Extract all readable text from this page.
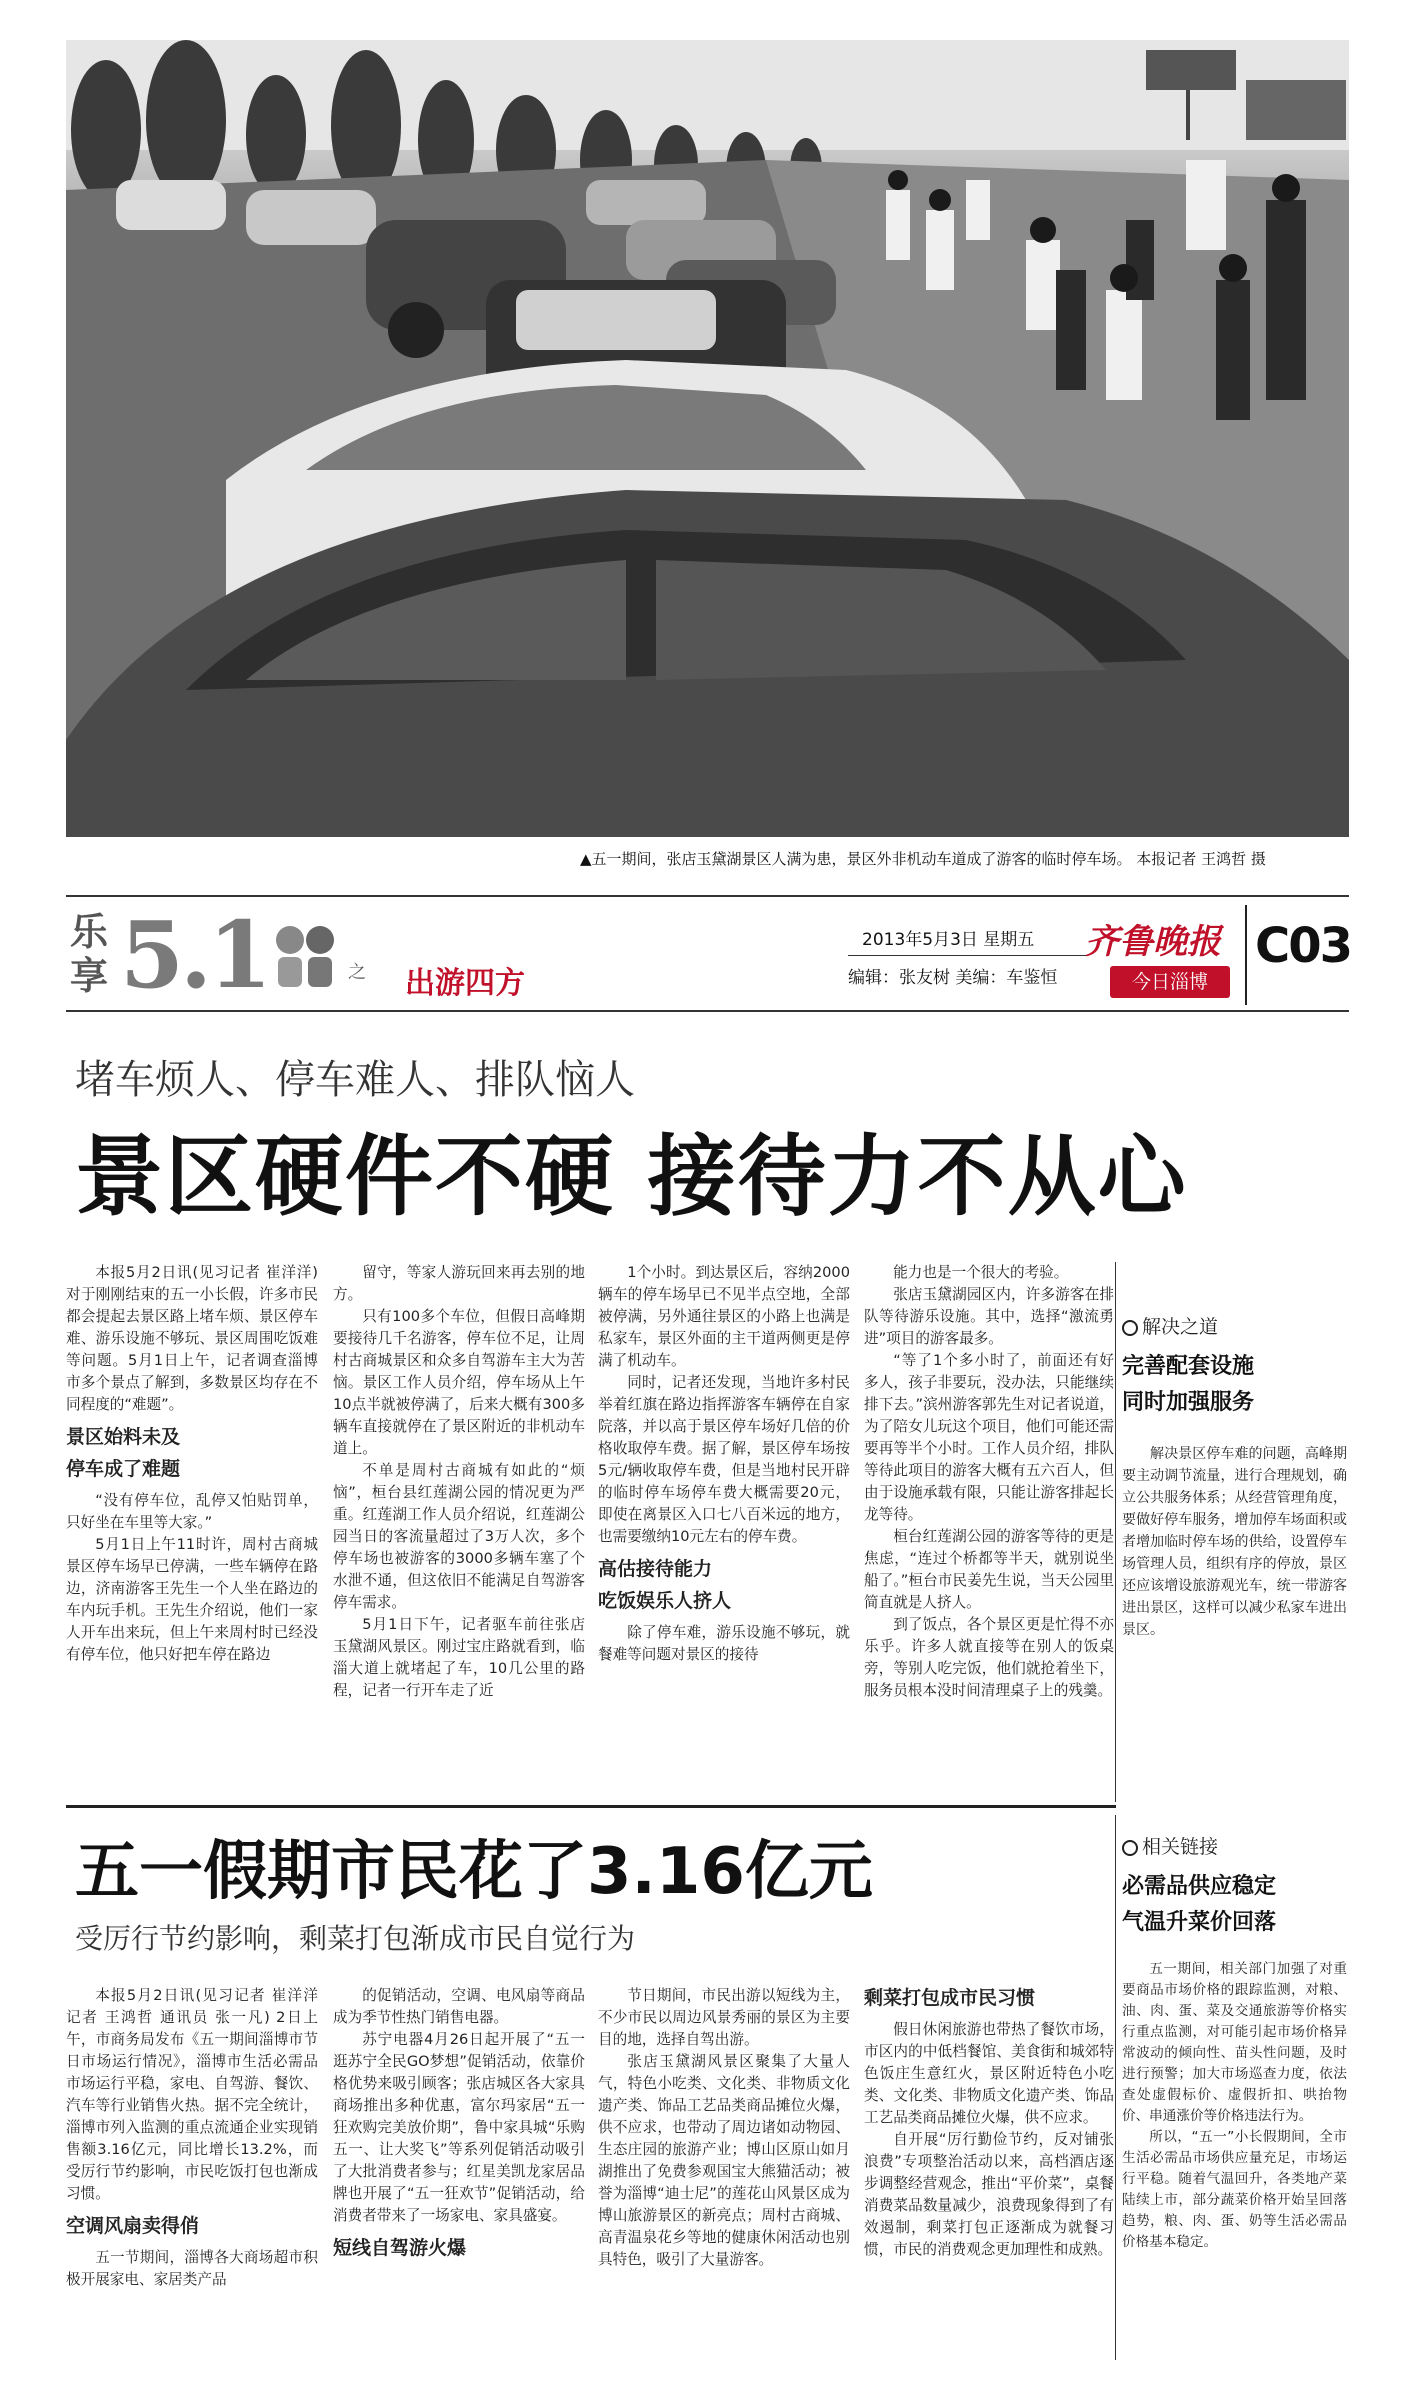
▲五一期间，张店玉黛湖景区人满为患，景区外非机动车道成了游客的临时停车场。 本报记者 王鸿哲 摄
乐享 5.1	之 出游四方
2013年5月3日 星期五
编辑：张友树 美编：车鉴恒
齐鲁晚报
今日淄博
C03
堵车烦人、停车难人、排队恼人
景区硬件不硬 接待力不从心

本报5月2日讯(见习记者 崔洋洋) 对于刚刚结束的五一小长假，许多市民都会提起去景区路上堵车烦、景区停车难、游乐设施不够玩、景区周围吃饭难等问题。5月1日上午，记者调查淄博市多个景点了解到，多数景区均存在不同程度的“难题”。

景区始料未及
停车成了难题

“没有停车位，乱停又怕贴罚单，只好坐在车里等大家。”

5月1日上午11时许，周村古商城景区停车场早已停满，一些车辆停在路边，济南游客王先生一个人坐在路边的车内玩手机。王先生介绍说，他们一家人开车出来玩，但上午来周村时已经没有停车位，他只好把车停在路边

留守，等家人游玩回来再去别的地方。

只有100多个车位，但假日高峰期要接待几千名游客，停车位不足，让周村古商城景区和众多自驾游车主大为苦恼。景区工作人员介绍，停车场从上午10点半就被停满了，后来大概有300多辆车直接就停在了景区附近的非机动车道上。

不单是周村古商城有如此的“烦恼”，桓台县红莲湖公园的情况更为严重。红莲湖工作人员介绍说，红莲湖公园当日的客流量超过了3万人次，多个停车场也被游客的3000多辆车塞了个水泄不通，但这依旧不能满足自驾游客停车需求。

5月1日下午，记者驱车前往张店玉黛湖风景区。刚过宝庄路就看到，临淄大道上就堵起了车，10几公里的路程，记者一行开车走了近

1个小时。到达景区后，容纳2000辆车的停车场早已不见半点空地，全部被停满，另外通往景区的小路上也满是私家车，景区外面的主干道两侧更是停满了机动车。

同时，记者还发现，当地许多村民举着红旗在路边指挥游客车辆停在自家院落，并以高于景区停车场好几倍的价格收取停车费。据了解，景区停车场按5元/辆收取停车费，但是当地村民开辟的临时停车场停车费大概需要20元，即使在离景区入口七八百米远的地方，也需要缴纳10元左右的停车费。

高估接待能力
吃饭娱乐人挤人

除了停车难，游乐设施不够玩，就餐难等问题对景区的接待

能力也是一个很大的考验。

张店玉黛湖园区内，许多游客在排队等待游乐设施。其中，选择“激流勇进”项目的游客最多。

“等了1个多小时了，前面还有好多人，孩子非要玩，没办法，只能继续排下去。”滨州游客郭先生对记者说道，为了陪女儿玩这个项目，他们可能还需要再等半个小时。工作人员介绍，排队等待此项目的游客大概有五六百人，但由于设施承载有限，只能让游客排起长龙等待。

桓台红莲湖公园的游客等待的更是焦虑，“连过个桥都等半天，就别说坐船了。”桓台市民姜先生说，当天公园里简直就是人挤人。

到了饭点，各个景区更是忙得不亦乐乎。许多人就直接等在别人的饭桌旁，等别人吃完饭，他们就抢着坐下，服务员根本没时间清理桌子上的残羹。

解决之道
完善配套设施
同时加强服务

解决景区停车难的问题，高峰期要主动调节流量，进行合理规划，确立公共服务体系；从经营管理角度，要做好停车服务，增加停车场面积或者增加临时停车场的供给，设置停车场管理人员，组织有序的停放，景区还应该增设旅游观光车，统一带游客进出景区，这样可以减少私家车进出景区。

五一假期市民花了3.16亿元
受厉行节约影响，剩菜打包渐成市民自觉行为

本报5月2日讯(见习记者 崔洋洋 记者 王鸿哲 通讯员 张一凡) 2日上午，市商务局发布《五一期间淄博市节日市场运行情况》，淄博市生活必需品市场运行平稳，家电、自驾游、餐饮、汽车等行业销售火热。据不完全统计，淄博市列入监测的重点流通企业实现销售额3.16亿元，同比增长13.2%，而受厉行节约影响，市民吃饭打包也渐成习惯。

空调风扇卖得俏

五一节期间，淄博各大商场超市积极开展家电、家居类产品

的促销活动，空调、电风扇等商品成为季节性热门销售电器。

苏宁电器4月26日起开展了“五一逛苏宁全民GO梦想”促销活动，依靠价格优势来吸引顾客；张店城区各大家具商场推出多种优惠，富尔玛家居“五一狂欢购完美放价期”，鲁中家具城“乐购五一、让大奖飞”等系列促销活动吸引了大批消费者参与；红星美凯龙家居品牌也开展了“五一狂欢节”促销活动，给消费者带来了一场家电、家具盛宴。

短线自驾游火爆

节日期间，市民出游以短线为主，不少市民以周边风景秀丽的景区为主要目的地，选择自驾出游。

张店玉黛湖风景区聚集了大量人气，特色小吃类、文化类、非物质文化遗产类、饰品工艺品类商品摊位火爆，供不应求，也带动了周边诸如动物园、生态庄园的旅游产业；博山区原山如月湖推出了免费参观国宝大熊猫活动；被誉为淄博“迪士尼”的莲花山风景区成为博山旅游景区的新亮点；周村古商城、高青温泉花乡等地的健康休闲活动也别具特色，吸引了大量游客。

剩菜打包成市民习惯

假日休闲旅游也带热了餐饮市场，市区内的中低档餐馆、美食街和城郊特色饭庄生意红火，景区附近特色小吃类、文化类、非物质文化遗产类、饰品工艺品类商品摊位火爆，供不应求。

自开展“厉行勤俭节约，反对铺张浪费”专项整治活动以来，高档酒店逐步调整经营观念，推出“平价菜”，桌餐消费菜品数量减少，浪费现象得到了有效遏制，剩菜打包正逐渐成为就餐习惯，市民的消费观念更加理性和成熟。

相关链接
必需品供应稳定
气温升菜价回落

五一期间，相关部门加强了对重要商品市场价格的跟踪监测，对粮、油、肉、蛋、菜及交通旅游等价格实行重点监测，对可能引起市场价格异常波动的倾向性、苗头性问题，及时进行预警；加大市场巡查力度，依法查处虚假标价、虚假折扣、哄抬物价、串通涨价等价格违法行为。

所以，“五一”小长假期间，全市生活必需品市场供应量充足，市场运行平稳。随着气温回升，各类地产菜陆续上市，部分蔬菜价格开始呈回落趋势，粮、肉、蛋、奶等生活必需品价格基本稳定。
